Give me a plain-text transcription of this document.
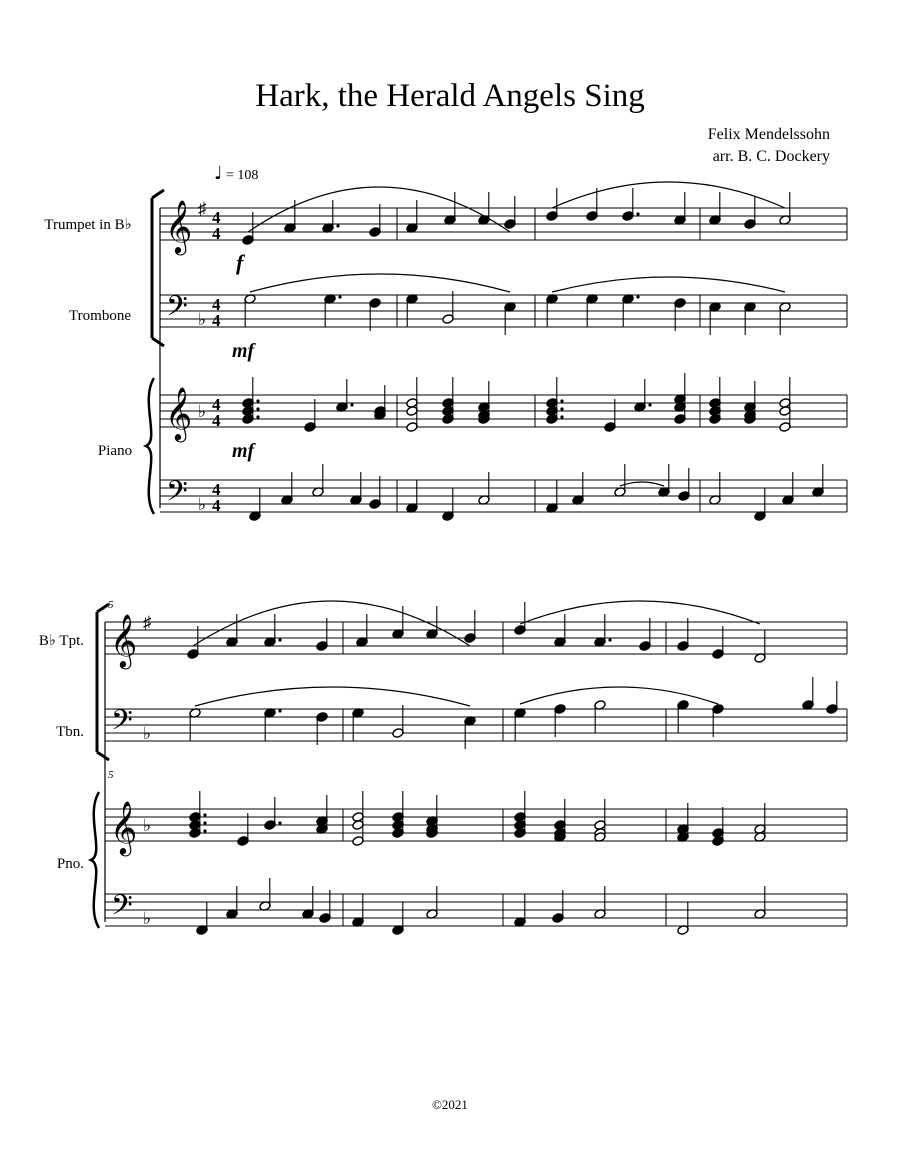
Hark, the Herald Angels Sing
Felix Mendelssohn
arr. B. C. Dockery
♩ = 108
𝄞
𝄢
𝄞
𝄢
♯
♭
♭
♭
4
4
4
4
4
4
4
4
Trumpet in B♭
Trombone
Piano
f
mf
mf
𝄞
𝄢
𝄞
𝄢
♯
♭
♭
♭
B♭ Tpt.
Tbn.
Pno.
5
5
©2021
